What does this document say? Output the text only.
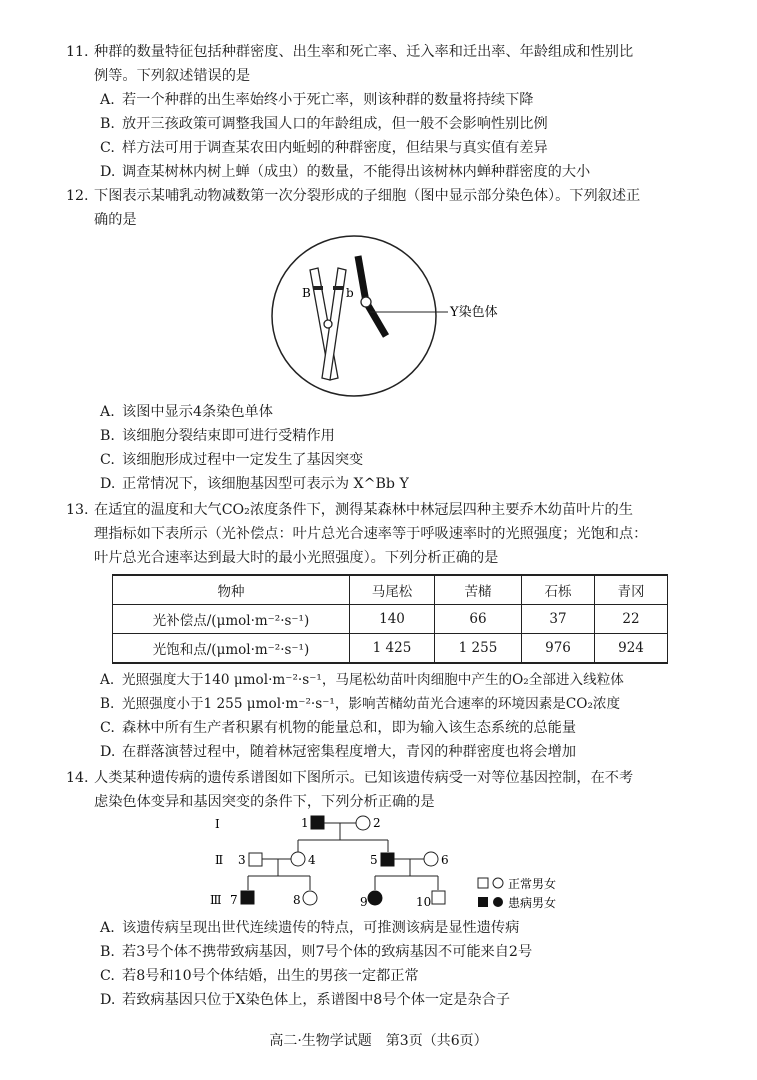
11. 种群的数量特征包括种群密度、出生率和死亡率、迁入率和迁出率、年龄组成和性别比

例等。下列叙述错误的是

A. 若一个种群的出生率始终小于死亡率，则该种群的数量将持续下降

B. 放开三孩政策可调整我国人口的年龄组成，但一般不会影响性别比例

C. 样方法可用于调查某农田内蚯蚓的种群密度，但结果与真实值有差异

D. 调查某树林内树上蝉（成虫）的数量，不能得出该树林内蝉种群密度的大小

12. 下图表示某哺乳动物减数第一次分裂形成的子细胞（图中显示部分染色体）。下列叙述正

确的是

B	b
Y染色体

A. 该图中显示4条染色单体

B. 该细胞分裂结束即可进行受精作用

C. 该细胞形成过程中一定发生了基因突变

D. 正常情况下，该细胞基因型可表示为 X^Bb Y

13. 在适宜的温度和大气CO₂浓度条件下，测得某森林中林冠层四种主要乔木幼苗叶片的生

理指标如下表所示（光补偿点：叶片总光合速率等于呼吸速率时的光照强度；光饱和点：

叶片总光合速率达到最大时的最小光照强度）。下列分析正确的是

物种	马尾松	苦槠	石栎	青冈
光补偿点/(μmol·m⁻²·s⁻¹)	140	66	37	22
光饱和点/(μmol·m⁻²·s⁻¹)	1 425	1 255	976	924

A. 光照强度大于140 μmol·m⁻²·s⁻¹，马尾松幼苗叶肉细胞中产生的O₂全部进入线粒体

B. 光照强度小于1 255 μmol·m⁻²·s⁻¹，影响苦槠幼苗光合速率的环境因素是CO₂浓度

C. 森林中所有生产者积累有机物的能量总和，即为输入该生态系统的总能量

D. 在群落演替过程中，随着林冠密集程度增大，青冈的种群密度也将会增加

14. 人类某种遗传病的遗传系谱图如下图所示。已知该遗传病受一对等位基因控制，在不考

虑染色体变异和基因突变的条件下，下列分析正确的是

Ⅰ
Ⅱ
Ⅲ
1	2
3	4	5	6
7	8	9	10
正常男女
患病男女

A. 该遗传病呈现出世代连续遗传的特点，可推测该病是显性遗传病

B. 若3号个体不携带致病基因，则7号个体的致病基因不可能来自2号

C. 若8号和10号个体结婚，出生的男孩一定都正常

D. 若致病基因只位于X染色体上，系谱图中8号个体一定是杂合子

高二·生物学试题　第3页（共6页）
